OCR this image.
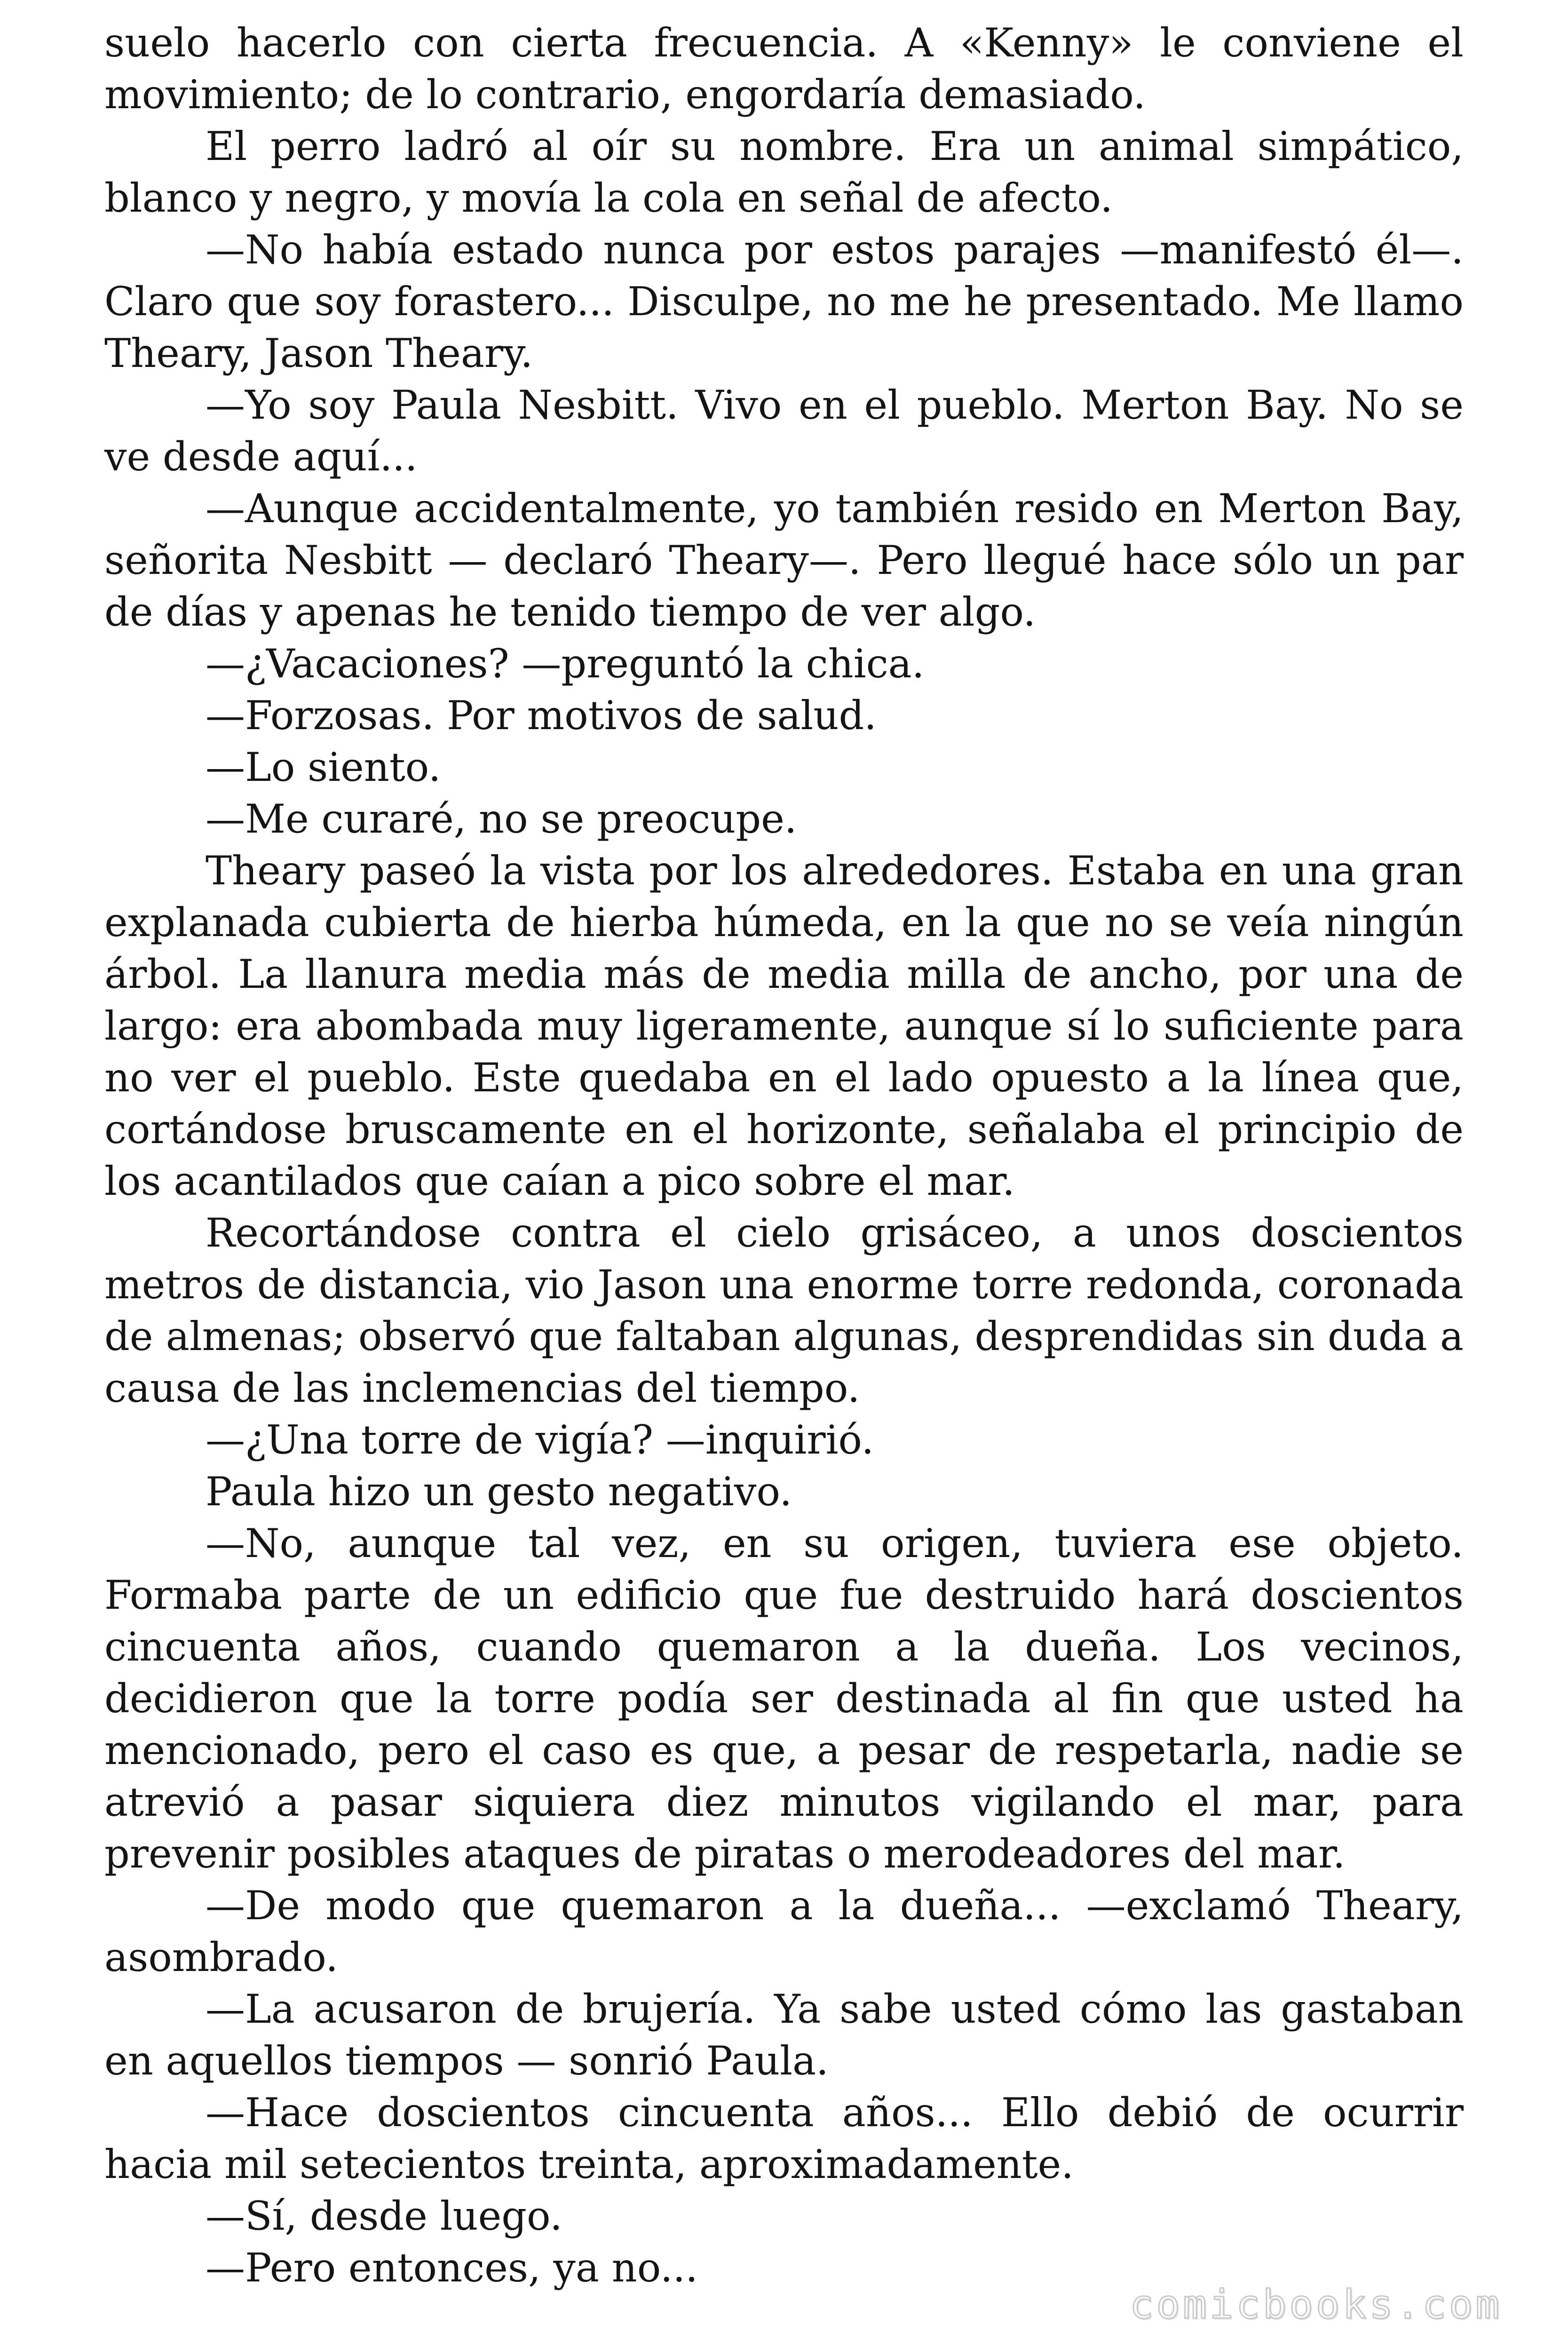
suelo hacerlo con cierta frecuencia. A «Kenny» le conviene el movimiento; de lo contrario, engordaría demasiado.

El perro ladró al oír su nombre. Era un animal simpático, blanco y negro, y movía la cola en señal de afecto.

—No había estado nunca por estos parajes —manifestó él—. Claro que soy forastero... Disculpe, no me he presentado. Me llamo Theary, Jason Theary.

—Yo soy Paula Nesbitt. Vivo en el pueblo. Merton Bay. No se ve desde aquí...

—Aunque accidentalmente, yo también resido en Merton Bay, señorita Nesbitt — declaró Theary—. Pero llegué hace sólo un par de días y apenas he tenido tiempo de ver algo.

—¿Vacaciones? —preguntó la chica.

—Forzosas. Por motivos de salud.

—Lo siento.

—Me curaré, no se preocupe.

Theary paseó la vista por los alrededores. Estaba en una gran explanada cubierta de hierba húmeda, en la que no se veía ningún árbol. La llanura media más de media milla de ancho, por una de largo: era abombada muy ligeramente, aunque sí lo suficiente para no ver el pueblo. Este quedaba en el lado opuesto a la línea que, cortándose bruscamente en el horizonte, señalaba el principio de los acantilados que caían a pico sobre el mar.

Recortándose contra el cielo grisáceo, a unos doscientos metros de distancia, vio Jason una enorme torre redonda, coronada de almenas; observó que faltaban algunas, desprendidas sin duda a causa de las inclemencias del tiempo.

—¿Una torre de vigía? —inquirió.

Paula hizo un gesto negativo.

—No, aunque tal vez, en su origen, tuviera ese objeto. Formaba parte de un edificio que fue destruido hará doscientos cincuenta años, cuando quemaron a la dueña. Los vecinos, decidieron que la torre podía ser destinada al fin que usted ha mencionado, pero el caso es que, a pesar de respetarla, nadie se atrevió a pasar siquiera diez minutos vigilando el mar, para prevenir posibles ataques de piratas o merodeadores del mar.

—De modo que quemaron a la dueña... —exclamó Theary, asombrado.

—La acusaron de brujería. Ya sabe usted cómo las gastaban en aquellos tiempos — sonrió Paula.

—Hace doscientos cincuenta años... Ello debió de ocurrir hacia mil setecientos treinta, aproximadamente.

—Sí, desde luego.

—Pero entonces, ya no...

comicbooks.com
